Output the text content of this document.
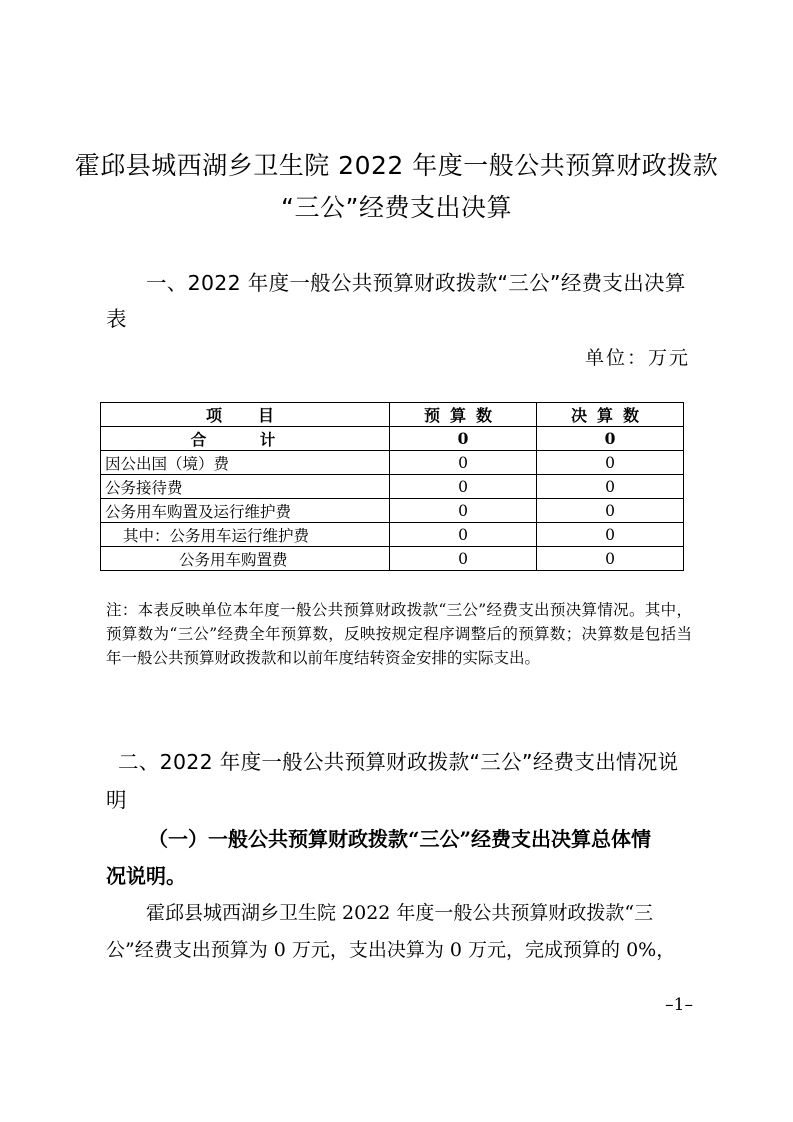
霍邱县城西湖乡卫生院 2022 年度一般公共预算财政拨款
“三公”经费支出决算
一、2022 年度一般公共预算财政拨款“三公”经费支出决算
表
单位：万元
项　目	预算数	决算数
合 计	0	0
因公出国（境）费	0	0
公务接待费	0	0
公务用车购置及运行维护费	0	0
其中：公务用车运行维护费	0	0
公务用车购置费	0	0
注：本表反映单位本年度一般公共预算财政拨款“三公”经费支出预决算情况。其中，预算数为“三公”经费全年预算数，反映按规定程序调整后的预算数；决算数是包括当年一般公共预算财政拨款和以前年度结转资金安排的实际支出。
二、2022 年度一般公共预算财政拨款“三公”经费支出情况说
明
（一）一般公共预算财政拨款“三公”经费支出决算总体情
况说明。
霍邱县城西湖乡卫生院 2022 年度一般公共预算财政拨款“三
公”经费支出预算为 0 万元，支出决算为 0 万元，完成预算的 0%，
–1–
